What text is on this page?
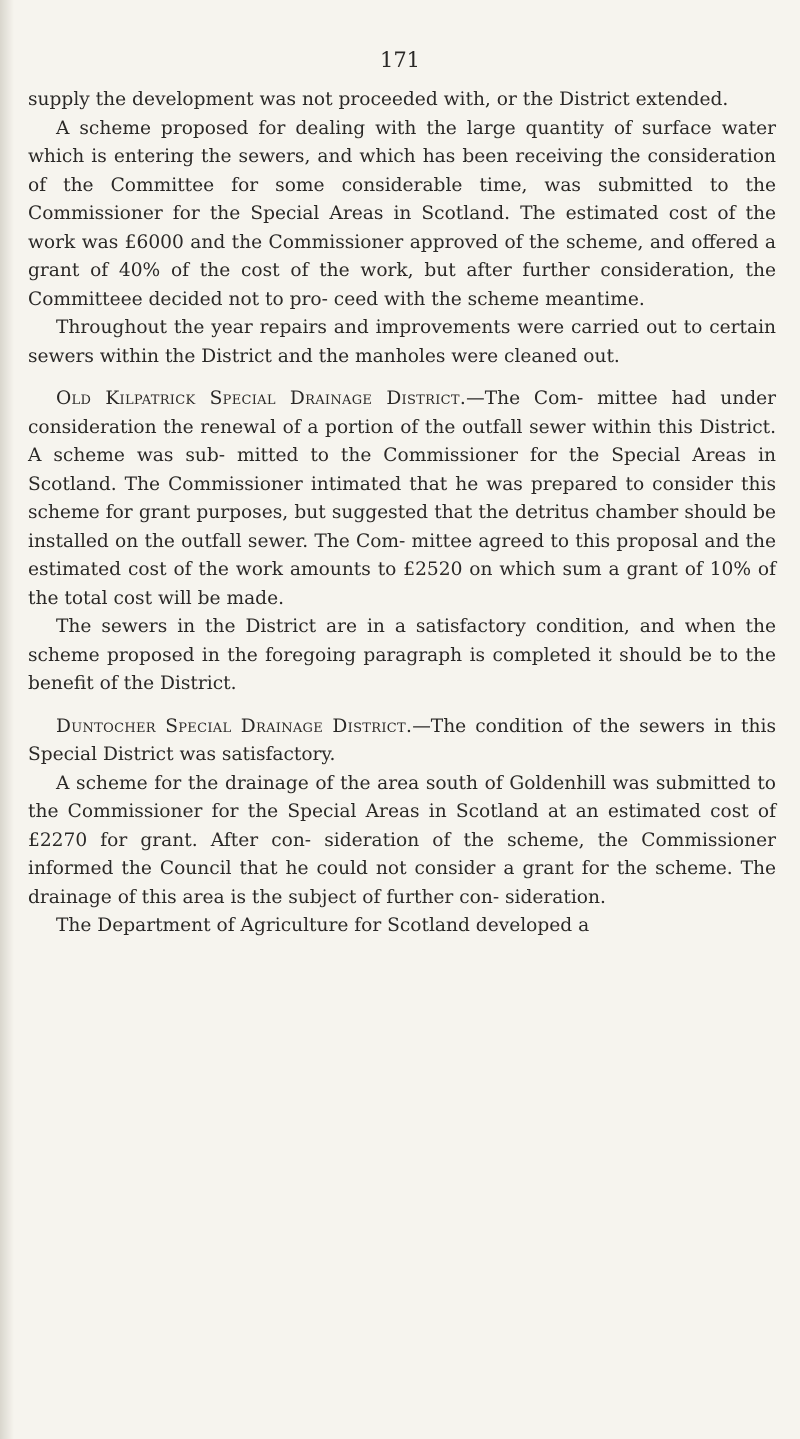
171

supply the development was not proceeded with, or the District extended.

A scheme proposed for dealing with the large quantity of surface water which is entering the sewers, and which has been receiving the consideration of the Committee for some considerable time, was submitted to the Commissioner for the Special Areas in Scotland. The estimated cost of the work was £6000 and the Commissioner approved of the scheme, and offered a grant of 40% of the cost of the work, but after further consideration, the Committeee decided not to pro- ceed with the scheme meantime.

Throughout the year repairs and improvements were carried out to certain sewers within the District and the manholes were cleaned out.

Old Kilpatrick Special Drainage District.—The Com- mittee had under consideration the renewal of a portion of the outfall sewer within this District. A scheme was sub- mitted to the Commissioner for the Special Areas in Scotland. The Commissioner intimated that he was prepared to consider this scheme for grant purposes, but suggested that the detritus chamber should be installed on the outfall sewer. The Com- mittee agreed to this proposal and the estimated cost of the work amounts to £2520 on which sum a grant of 10% of the total cost will be made.

The sewers in the District are in a satisfactory condition, and when the scheme proposed in the foregoing paragraph is completed it should be to the benefit of the District.

Duntocher Special Drainage District.—The condition of the sewers in this Special District was satisfactory.

A scheme for the drainage of the area south of Goldenhill was submitted to the Commissioner for the Special Areas in Scotland at an estimated cost of £2270 for grant. After con- sideration of the scheme, the Commissioner informed the Council that he could not consider a grant for the scheme. The drainage of this area is the subject of further con- sideration.

The Department of Agriculture for Scotland developed a
